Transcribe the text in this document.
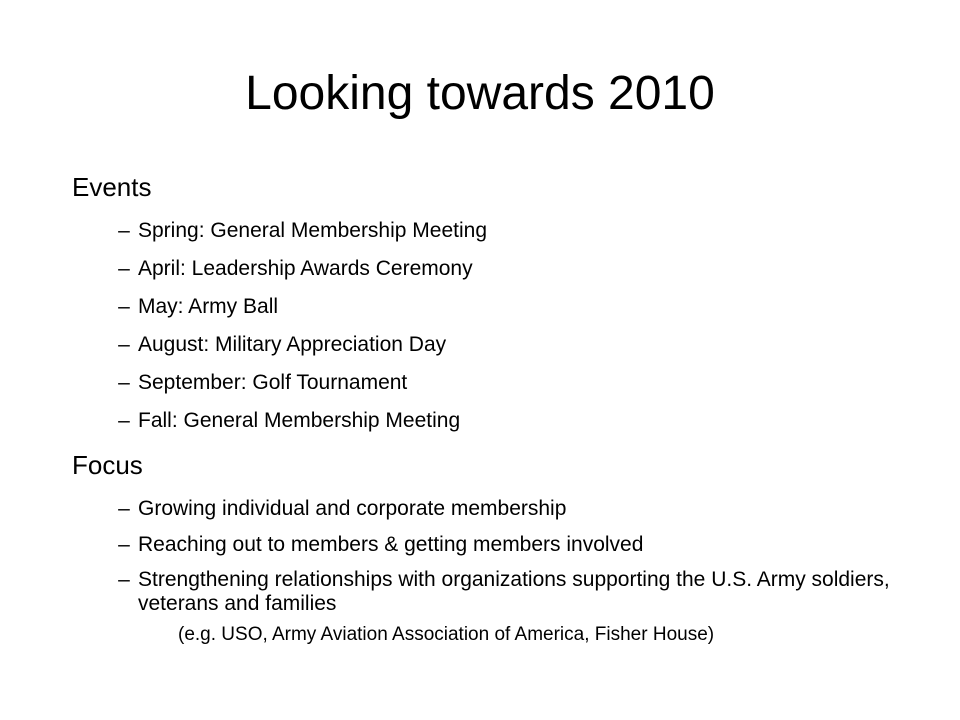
Looking towards 2010

Events

– Spring: General Membership Meeting
– April: Leadership Awards Ceremony
– May: Army Ball
– August: Military Appreciation Day
– September: Golf Tournament
– Fall: General Membership Meeting

Focus

– Growing individual and corporate membership
– Reaching out to members & getting members involved
– Strengthening relationships with organizations supporting the U.S. Army soldiers, veterans and families

(e.g. USO, Army Aviation Association of America, Fisher House)
